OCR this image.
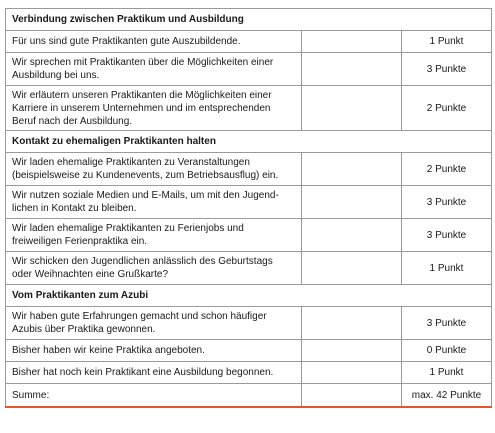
Verbindung zwischen Praktikum und Ausbildung		
Für uns sind gute Praktikanten gute Auszubildende.		1 Punkt
Wir sprechen mit Praktikanten über die Möglichkeiten einer Ausbildung bei uns.		3 Punkte
Wir erläutern unseren Praktikanten die Möglichkeiten einer Karriere in unserem Unternehmen und im entsprechenden Beruf nach der Ausbildung.		2 Punkte
Kontakt zu ehemaligen Praktikanten halten		
Wir laden ehemalige Praktikanten zu Veranstaltungen (beispielsweise zu Kundenevents, zum Betriebsausflug) ein.		2 Punkte
Wir nutzen soziale Medien und E-Mails, um mit den Jugend-lichen in Kontakt zu bleiben.		3 Punkte
Wir laden ehemalige Praktikanten zu Ferienjobs und freiweiligen Ferienpraktika ein.		3 Punkte
Wir schicken den Jugendlichen anlässlich des Geburtstags oder Weihnachten eine Grußkarte?		1 Punkt
Vom Praktikanten zum Azubi		
Wir haben gute Erfahrungen gemacht und schon häufiger Azubis über Praktika gewonnen.		3 Punkte
Bisher haben wir keine Praktika angeboten.		0 Punkte
Bisher hat noch kein Praktikant eine Ausbildung begonnen.		1 Punkt
Summe:		max. 42 Punkte
